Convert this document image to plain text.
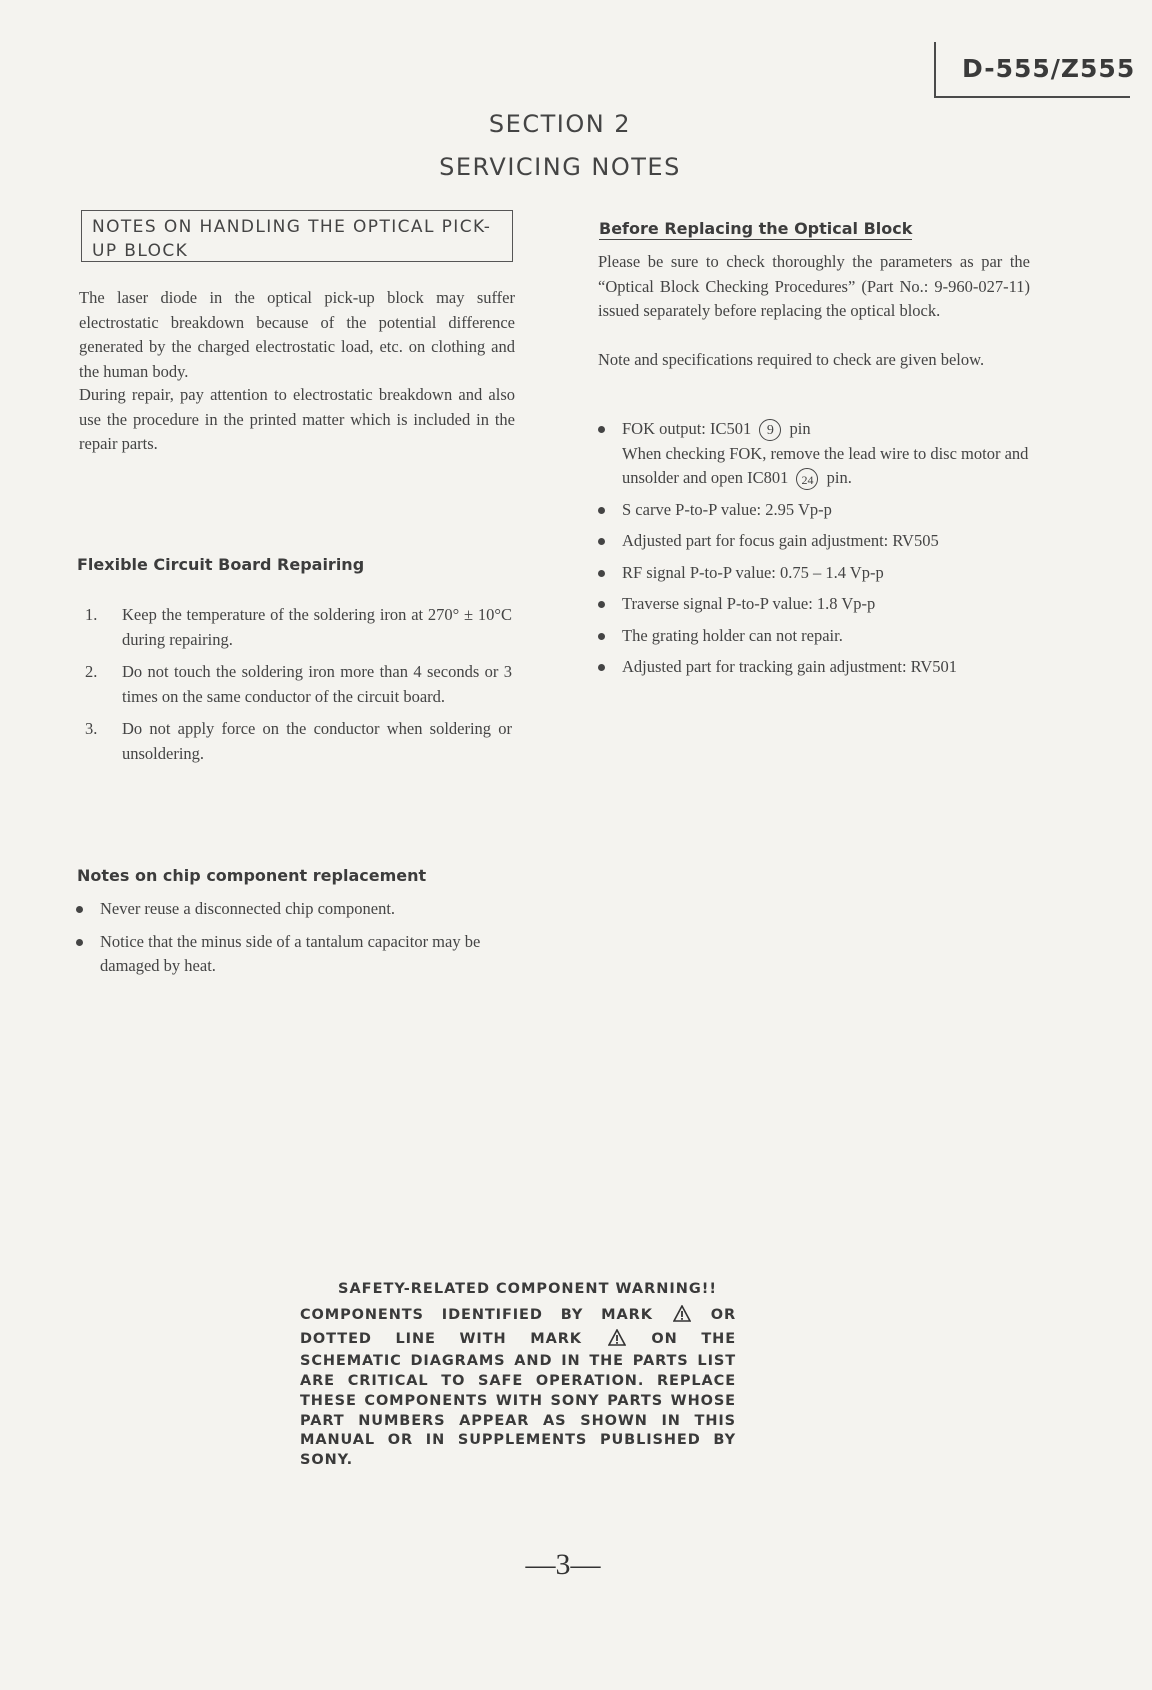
D-555/Z555
SECTION 2
SERVICING NOTES
NOTES ON HANDLING THE OPTICAL PICK-UP BLOCK
The laser diode in the optical pick-up block may suffer electrostatic breakdown because of the potential difference generated by the charged electrostatic load, etc. on clothing and the human body.
During repair, pay attention to electrostatic breakdown and also use the procedure in the printed matter which is included in the repair parts.
Flexible Circuit Board Repairing
1. Keep the temperature of the soldering iron at 270° ± 10°C during repairing.
2. Do not touch the soldering iron more than 4 seconds or 3 times on the same conductor of the circuit board.
3. Do not apply force on the conductor when soldering or unsoldering.
Notes on chip component replacement
Never reuse a disconnected chip component.
Notice that the minus side of a tantalum capacitor may be damaged by heat.
Before Replacing the Optical Block
Please be sure to check thoroughly the parameters as par the “Optical Block Checking Procedures” (Part No.: 9-960-027-11) issued separately before replacing the optical block.
Note and specifications required to check are given below.
FOK output: IC501 9 pin
When checking FOK, remove the lead wire to disc motor and unsolder and open IC801 24 pin.
S carve P-to-P value: 2.95 Vp-p
Adjusted part for focus gain adjustment: RV505
RF signal P-to-P value: 0.75 – 1.4 Vp-p
Traverse signal P-to-P value: 1.8 Vp-p
The grating holder can not repair.
Adjusted part for tracking gain adjustment: RV501
SAFETY-RELATED COMPONENT WARNING!!
COMPONENTS IDENTIFIED BY MARK	OR DOTTED LINE WITH MARK	ON THE SCHEMATIC DIAGRAMS AND IN THE PARTS LIST ARE CRITICAL TO SAFE OPERATION. REPLACE THESE COMPONENTS WITH SONY PARTS WHOSE PART NUMBERS APPEAR AS SHOWN IN THIS MANUAL OR IN SUPPLEMENTS PUBLISHED BY SONY.
—3—
